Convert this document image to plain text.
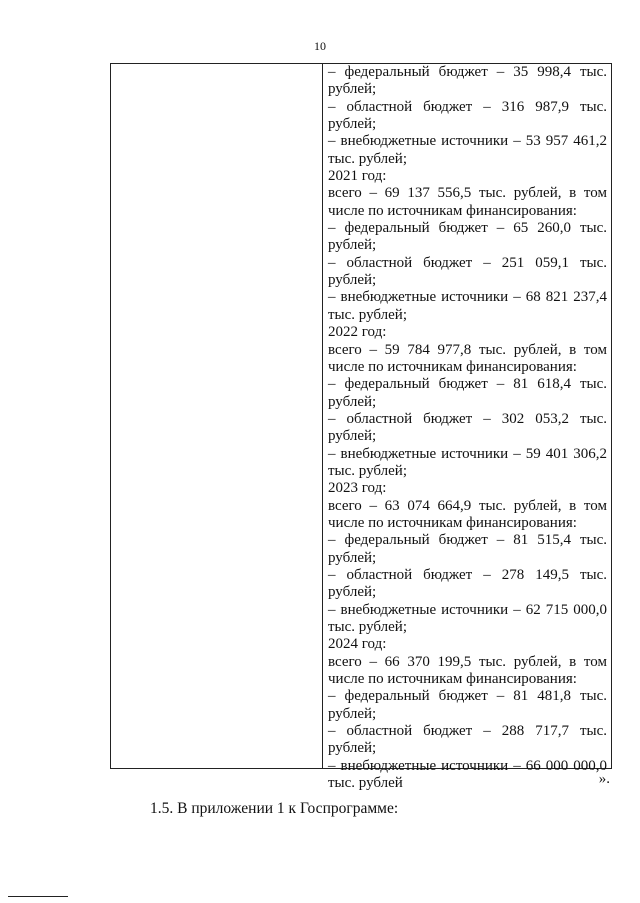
10
– федеральный бюджет – 35 998,4 тыс.
рублей;
– областной бюджет – 316 987,9 тыс.
рублей;
– внебюджетные источники – 53 957 461,2
тыс. рублей;
2021 год:
всего – 69 137 556,5 тыс. рублей, в том
числе по источникам финансирования:
– федеральный бюджет – 65 260,0 тыс.
рублей;
– областной бюджет – 251 059,1 тыс.
рублей;
– внебюджетные источники – 68 821 237,4
тыс. рублей;
2022 год:
всего – 59 784 977,8 тыс. рублей, в том
числе по источникам финансирования:
– федеральный бюджет – 81 618,4 тыс.
рублей;
– областной бюджет – 302 053,2 тыс.
рублей;
– внебюджетные источники – 59 401 306,2
тыс. рублей;
2023 год:
всего – 63 074 664,9 тыс. рублей, в том
числе по источникам финансирования:
– федеральный бюджет – 81 515,4 тыс.
рублей;
– областной бюджет – 278 149,5 тыс.
рублей;
– внебюджетные источники – 62 715 000,0
тыс. рублей;
2024 год:
всего – 66 370 199,5 тыс. рублей, в том
числе по источникам финансирования:
– федеральный бюджет – 81 481,8 тыс.
рублей;
– областной бюджет – 288 717,7 тыс.
рублей;
– внебюджетные источники – 66 000 000,0
тыс. рублей	».
1.5. В приложении 1 к Госпрограмме:
